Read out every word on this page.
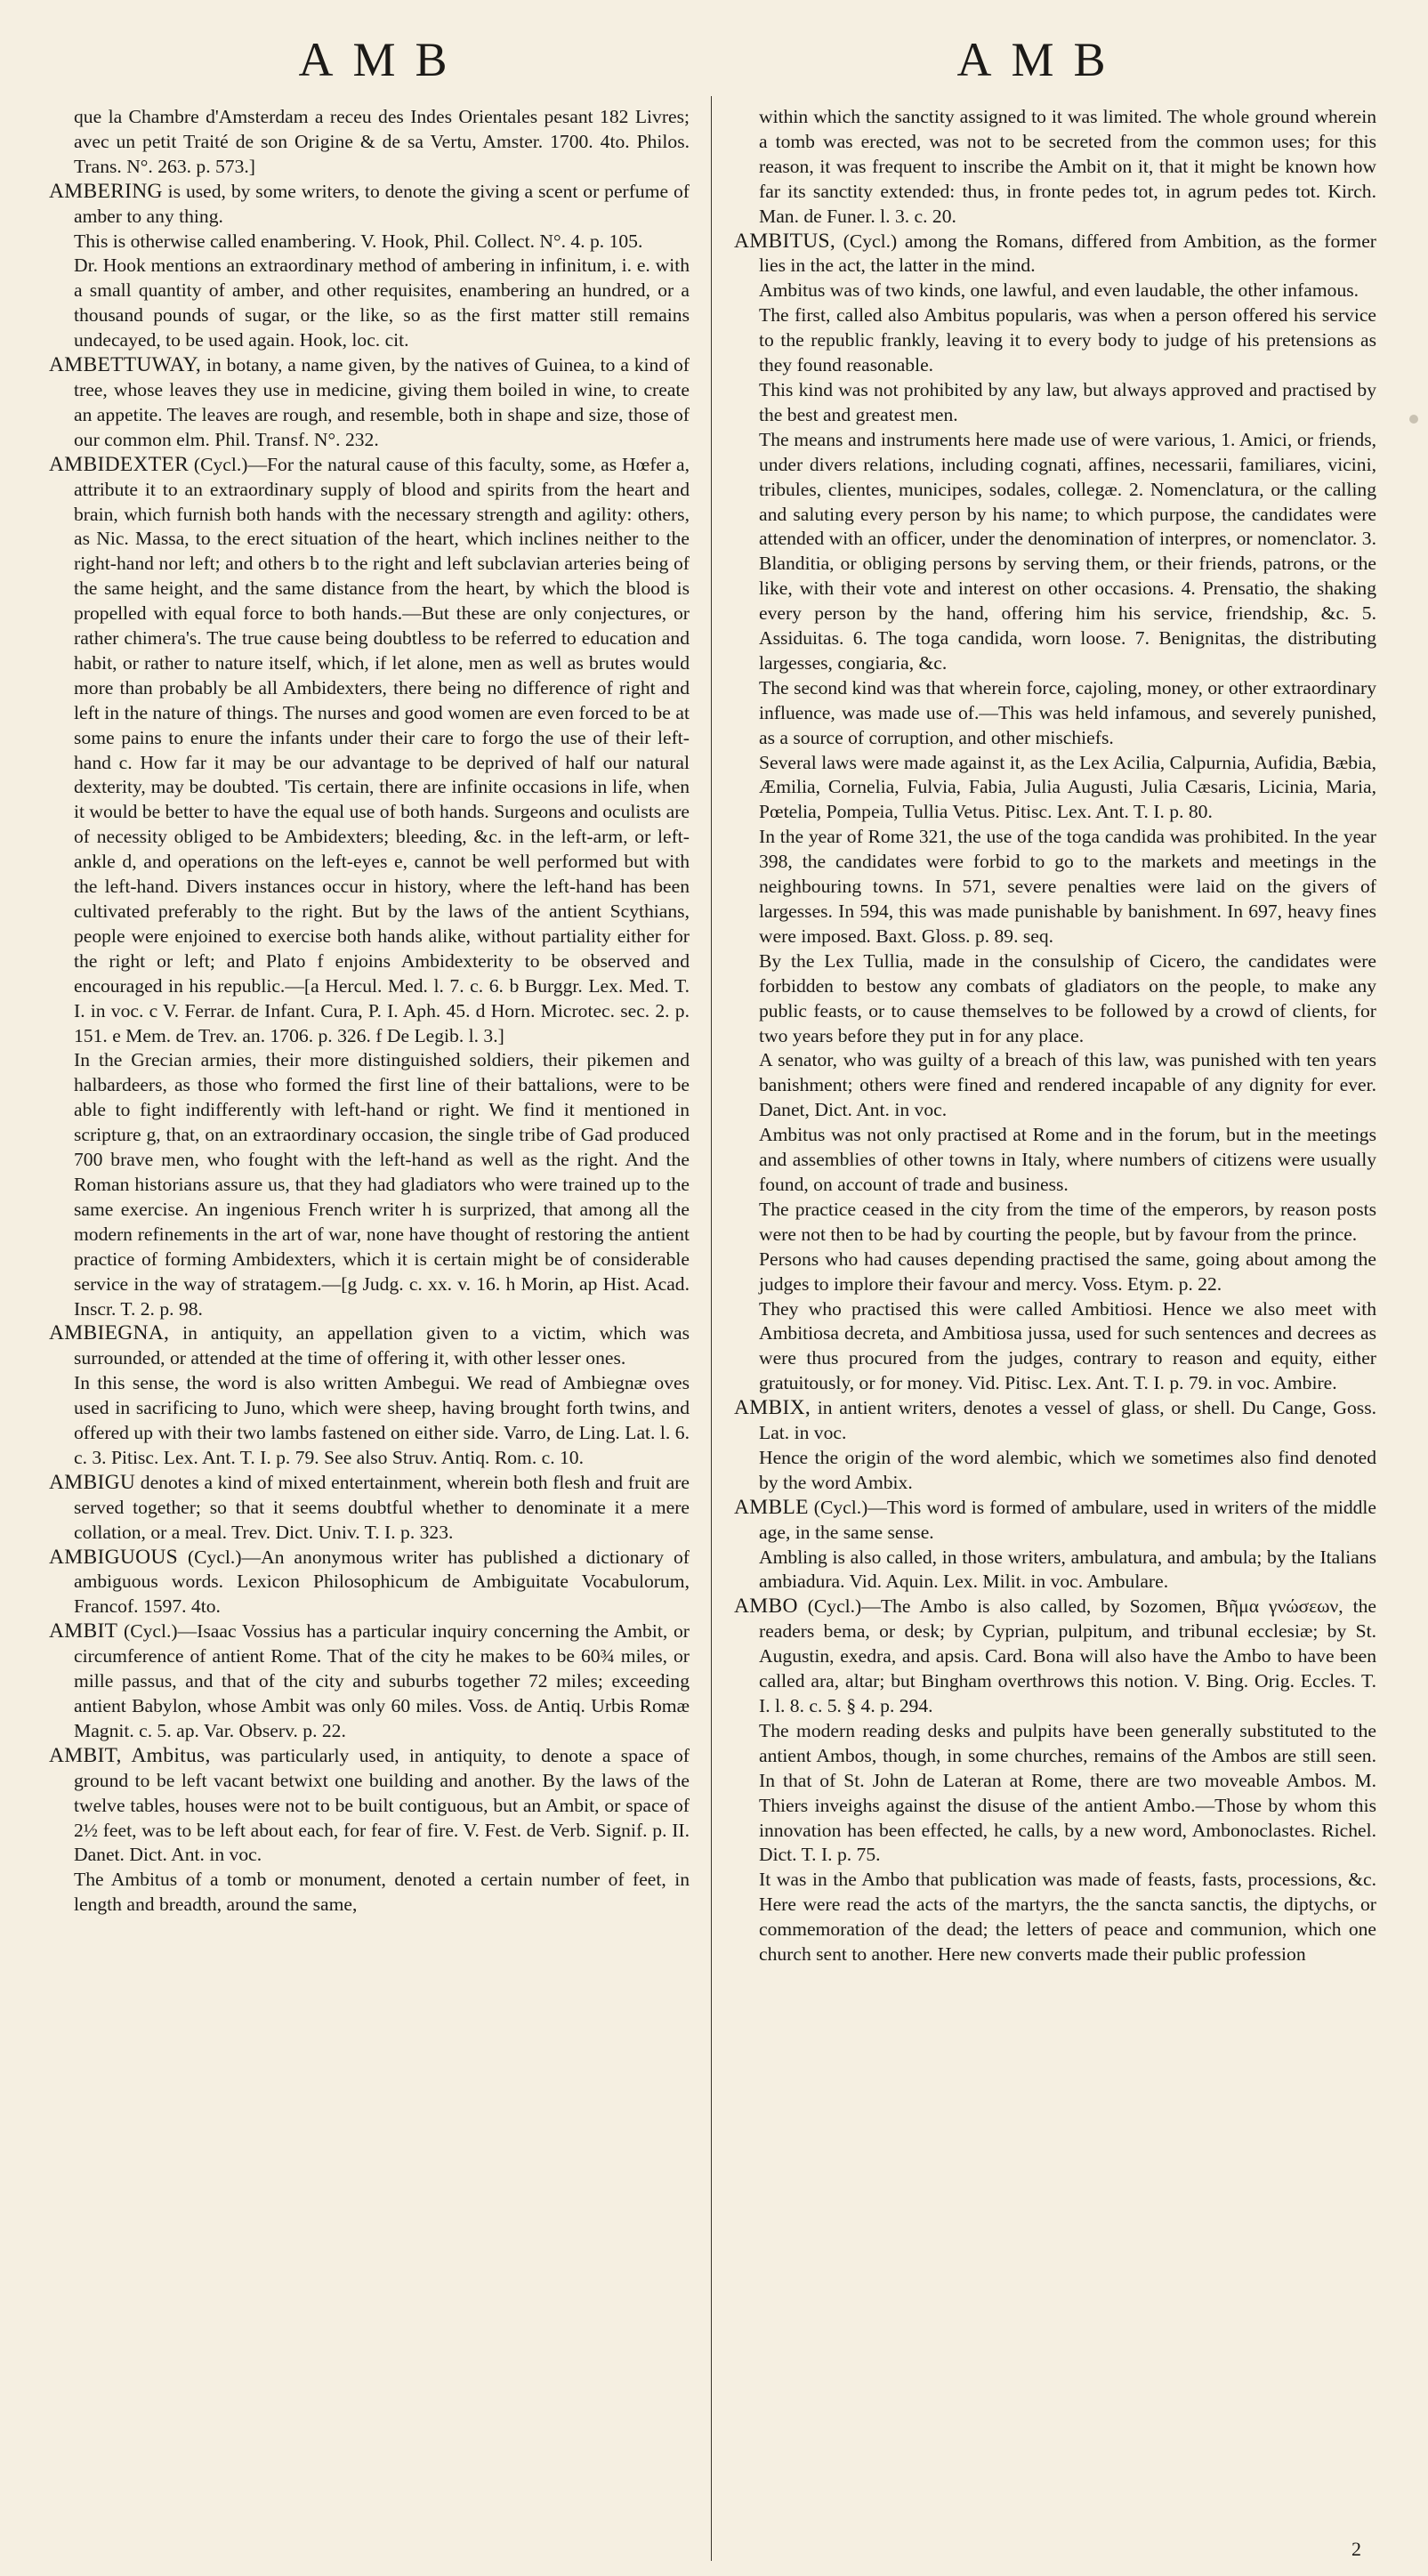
AMB	AMB

que la Chambre d'Amsterdam a receu des Indes Orientales pesant 182 Livres; avec un petit Traité de son Origine & de sa Vertu, Amster. 1700. 4to. Philos. Trans. N°. 263. p. 573.]

AMBERING is used, by some writers, to denote the giving a scent or perfume of amber to any thing.

This is otherwise called enambering. V. Hook, Phil. Collect. N°. 4. p. 105.

Dr. Hook mentions an extraordinary method of ambering in infinitum, i. e. with a small quantity of amber, and other requisites, enambering an hundred, or a thousand pounds of sugar, or the like, so as the first matter still remains undecayed, to be used again. Hook, loc. cit.

AMBETTUWAY, in botany, a name given, by the natives of Guinea, to a kind of tree, whose leaves they use in medicine, giving them boiled in wine, to create an appetite. The leaves are rough, and resemble, both in shape and size, those of our common elm. Phil. Transf. N°. 232.

AMBIDEXTER (Cycl.)—For the natural cause of this faculty, some, as Hœfer a, attribute it to an extraordinary supply of blood and spirits from the heart and brain, which furnish both hands with the necessary strength and agility: others, as Nic. Massa, to the erect situation of the heart, which inclines neither to the right-hand nor left; and others b to the right and left subclavian arteries being of the same height, and the same distance from the heart, by which the blood is propelled with equal force to both hands.—But these are only conjectures, or rather chimera's. The true cause being doubtless to be referred to education and habit, or rather to nature itself, which, if let alone, men as well as brutes would more than probably be all Ambidexters, there being no difference of right and left in the nature of things. The nurses and good women are even forced to be at some pains to enure the infants under their care to forgo the use of their left-hand c. How far it may be our advantage to be deprived of half our natural dexterity, may be doubted. 'Tis certain, there are infinite occasions in life, when it would be better to have the equal use of both hands. Surgeons and oculists are of necessity obliged to be Ambidexters; bleeding, &c. in the left-arm, or left-ankle d, and operations on the left-eyes e, cannot be well performed but with the left-hand. Divers instances occur in history, where the left-hand has been cultivated preferably to the right. But by the laws of the antient Scythians, people were enjoined to exercise both hands alike, without partiality either for the right or left; and Plato f enjoins Ambidexterity to be observed and encouraged in his republic.—[a Hercul. Med. l. 7. c. 6. b Burggr. Lex. Med. T. I. in voc. c V. Ferrar. de Infant. Cura, P. I. Aph. 45. d Horn. Microtec. sec. 2. p. 151. e Mem. de Trev. an. 1706. p. 326. f De Legib. l. 3.]

In the Grecian armies, their more distinguished soldiers, their pikemen and halbardeers, as those who formed the first line of their battalions, were to be able to fight indifferently with left-hand or right. We find it mentioned in scripture g, that, on an extraordinary occasion, the single tribe of Gad produced 700 brave men, who fought with the left-hand as well as the right. And the Roman historians assure us, that they had gladiators who were trained up to the same exercise. An ingenious French writer h is surprized, that among all the modern refinements in the art of war, none have thought of restoring the antient practice of forming Ambidexters, which it is certain might be of considerable service in the way of stratagem.—[g Judg. c. xx. v. 16. h Morin, ap Hist. Acad. Inscr. T. 2. p. 98.

AMBIEGNA, in antiquity, an appellation given to a victim, which was surrounded, or attended at the time of offering it, with other lesser ones.

In this sense, the word is also written Ambegui. We read of Ambiegnæ oves used in sacrificing to Juno, which were sheep, having brought forth twins, and offered up with their two lambs fastened on either side. Varro, de Ling. Lat. l. 6. c. 3. Pitisc. Lex. Ant. T. I. p. 79. See also Struv. Antiq. Rom. c. 10.

AMBIGU denotes a kind of mixed entertainment, wherein both flesh and fruit are served together; so that it seems doubtful whether to denominate it a mere collation, or a meal. Trev. Dict. Univ. T. I. p. 323.

AMBIGUOUS (Cycl.)—An anonymous writer has published a dictionary of ambiguous words. Lexicon Philosophicum de Ambiguitate Vocabulorum, Francof. 1597. 4to.

AMBIT (Cycl.)—Isaac Vossius has a particular inquiry concerning the Ambit, or circumference of antient Rome. That of the city he makes to be 60¾ miles, or mille passus, and that of the city and suburbs together 72 miles; exceeding antient Babylon, whose Ambit was only 60 miles. Voss. de Antiq. Urbis Romæ Magnit. c. 5. ap. Var. Observ. p. 22.

AMBIT, Ambitus, was particularly used, in antiquity, to denote a space of ground to be left vacant betwixt one building and another. By the laws of the twelve tables, houses were not to be built contiguous, but an Ambit, or space of 2½ feet, was to be left about each, for fear of fire. V. Fest. de Verb. Signif. p. II. Danet. Dict. Ant. in voc.

The Ambitus of a tomb or monument, denoted a certain number of feet, in length and breadth, around the same,

within which the sanctity assigned to it was limited. The whole ground wherein a tomb was erected, was not to be secreted from the common uses; for this reason, it was frequent to inscribe the Ambit on it, that it might be known how far its sanctity extended: thus, in fronte pedes tot, in agrum pedes tot. Kirch. Man. de Funer. l. 3. c. 20.

AMBITUS, (Cycl.) among the Romans, differed from Ambition, as the former lies in the act, the latter in the mind.

Ambitus was of two kinds, one lawful, and even laudable, the other infamous.

The first, called also Ambitus popularis, was when a person offered his service to the republic frankly, leaving it to every body to judge of his pretensions as they found reasonable.

This kind was not prohibited by any law, but always approved and practised by the best and greatest men.

The means and instruments here made use of were various, 1. Amici, or friends, under divers relations, including cognati, affines, necessarii, familiares, vicini, tribules, clientes, municipes, sodales, collegæ. 2. Nomenclatura, or the calling and saluting every person by his name; to which purpose, the candidates were attended with an officer, under the denomination of interpres, or nomenclator. 3. Blanditia, or obliging persons by serving them, or their friends, patrons, or the like, with their vote and interest on other occasions. 4. Prensatio, the shaking every person by the hand, offering him his service, friendship, &c. 5. Assiduitas. 6. The toga candida, worn loose. 7. Benignitas, the distributing largesses, congiaria, &c.

The second kind was that wherein force, cajoling, money, or other extraordinary influence, was made use of.—This was held infamous, and severely punished, as a source of corruption, and other mischiefs.

Several laws were made against it, as the Lex Acilia, Calpurnia, Aufidia, Bæbia, Æmilia, Cornelia, Fulvia, Fabia, Julia Augusti, Julia Cæsaris, Licinia, Maria, Pœtelia, Pompeia, Tullia Vetus. Pitisc. Lex. Ant. T. I. p. 80.

In the year of Rome 321, the use of the toga candida was prohibited. In the year 398, the candidates were forbid to go to the markets and meetings in the neighbouring towns. In 571, severe penalties were laid on the givers of largesses. In 594, this was made punishable by banishment. In 697, heavy fines were imposed. Baxt. Gloss. p. 89. seq.

By the Lex Tullia, made in the consulship of Cicero, the candidates were forbidden to bestow any combats of gladiators on the people, to make any public feasts, or to cause themselves to be followed by a crowd of clients, for two years before they put in for any place.

A senator, who was guilty of a breach of this law, was punished with ten years banishment; others were fined and rendered incapable of any dignity for ever. Danet, Dict. Ant. in voc.

Ambitus was not only practised at Rome and in the forum, but in the meetings and assemblies of other towns in Italy, where numbers of citizens were usually found, on account of trade and business.

The practice ceased in the city from the time of the emperors, by reason posts were not then to be had by courting the people, but by favour from the prince.

Persons who had causes depending practised the same, going about among the judges to implore their favour and mercy. Voss. Etym. p. 22.

They who practised this were called Ambitiosi. Hence we also meet with Ambitiosa decreta, and Ambitiosa jussa, used for such sentences and decrees as were thus procured from the judges, contrary to reason and equity, either gratuitously, or for money. Vid. Pitisc. Lex. Ant. T. I. p. 79. in voc. Ambire.

AMBIX, in antient writers, denotes a vessel of glass, or shell. Du Cange, Goss. Lat. in voc.

Hence the origin of the word alembic, which we sometimes also find denoted by the word Ambix.

AMBLE (Cycl.)—This word is formed of ambulare, used in writers of the middle age, in the same sense.

Ambling is also called, in those writers, ambulatura, and ambula; by the Italians ambiadura. Vid. Aquin. Lex. Milit. in voc. Ambulare.

AMBO (Cycl.)—The Ambo is also called, by Sozomen, Βῆμα γνώσεων, the readers bema, or desk; by Cyprian, pulpitum, and tribunal ecclesiæ; by St. Augustin, exedra, and apsis. Card. Bona will also have the Ambo to have been called ara, altar; but Bingham overthrows this notion. V. Bing. Orig. Eccles. T. I. l. 8. c. 5. § 4. p. 294.

The modern reading desks and pulpits have been generally substituted to the antient Ambos, though, in some churches, remains of the Ambos are still seen. In that of St. John de Lateran at Rome, there are two moveable Ambos. M. Thiers inveighs against the disuse of the antient Ambo.—Those by whom this innovation has been effected, he calls, by a new word, Ambonoclastes. Richel. Dict. T. I. p. 75.

It was in the Ambo that publication was made of feasts, fasts, processions, &c. Here were read the acts of the martyrs, the the sancta sanctis, the diptychs, or commemoration of the dead; the letters of peace and communion, which one church sent to another. Here new converts made their public profession

2
